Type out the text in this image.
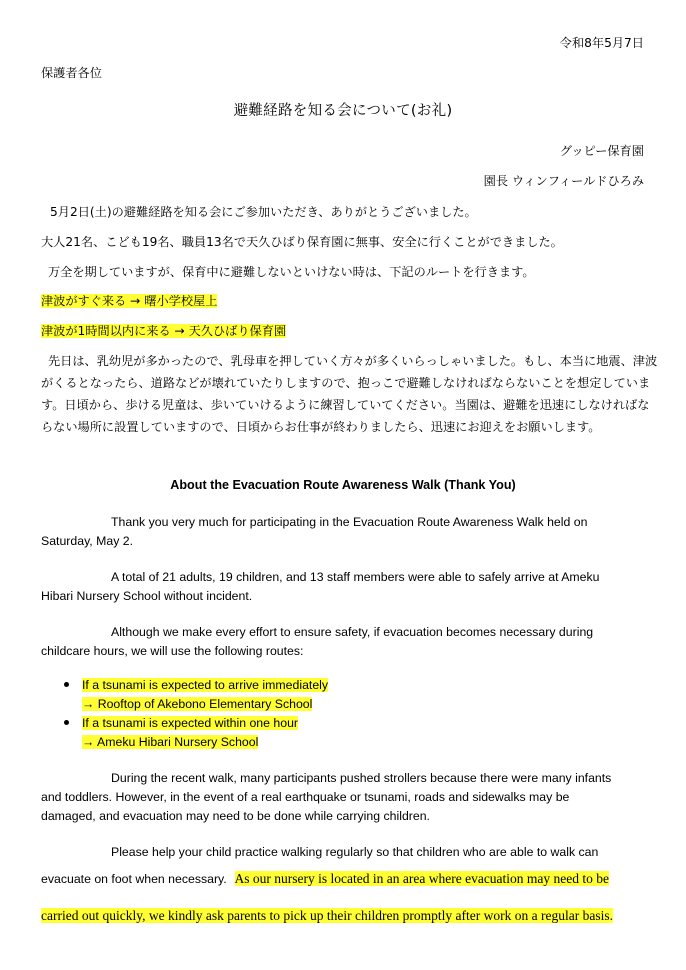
令和8年5月7日
保護者各位
避難経路を知る会について(お礼)
グッピー保育園
園長 ウィンフィールドひろみ
5月2日(土)の避難経路を知る会にご参加いただき、ありがとうございました。
大人21名、こども19名、職員13名で天久ひばり保育園に無事、安全に行くことができました。
万全を期していますが、保育中に避難しないといけない時は、下記のルートを行きます。
津波がすぐ来る → 曙小学校屋上
津波が1時間以内に来る → 天久ひばり保育園
先日は、乳幼児が多かったので、乳母車を押していく方々が多くいらっしゃいました。もし、本当に地震、津波
がくるとなったら、道路などが壊れていたりしますので、抱っこで避難しなければならないことを想定していま
す。日頃から、歩ける児童は、歩いていけるように練習していてください。当園は、避難を迅速にしなければな
らない場所に設置していますので、日頃からお仕事が終わりましたら、迅速にお迎えをお願いします。
About the Evacuation Route Awareness Walk (Thank You)
Thank you very much for participating in the Evacuation Route Awareness Walk held on
Saturday, May 2.
A total of 21 adults, 19 children, and 13 staff members were able to safely arrive at Ameku
Hibari Nursery School without incident.
Although we make every effort to ensure safety, if evacuation becomes necessary during
childcare hours, we will use the following routes:
If a tsunami is expected to arrive immediately
→ Rooftop of Akebono Elementary School
If a tsunami is expected within one hour
→ Ameku Hibari Nursery School
During the recent walk, many participants pushed strollers because there were many infants
and toddlers. However, in the event of a real earthquake or tsunami, roads and sidewalks may be
damaged, and evacuation may need to be done while carrying children.
Please help your child practice walking regularly so that children who are able to walk can
evacuate on foot when necessary. As our nursery is located in an area where evacuation may need to be
carried out quickly, we kindly ask parents to pick up their children promptly after work on a regular basis.
